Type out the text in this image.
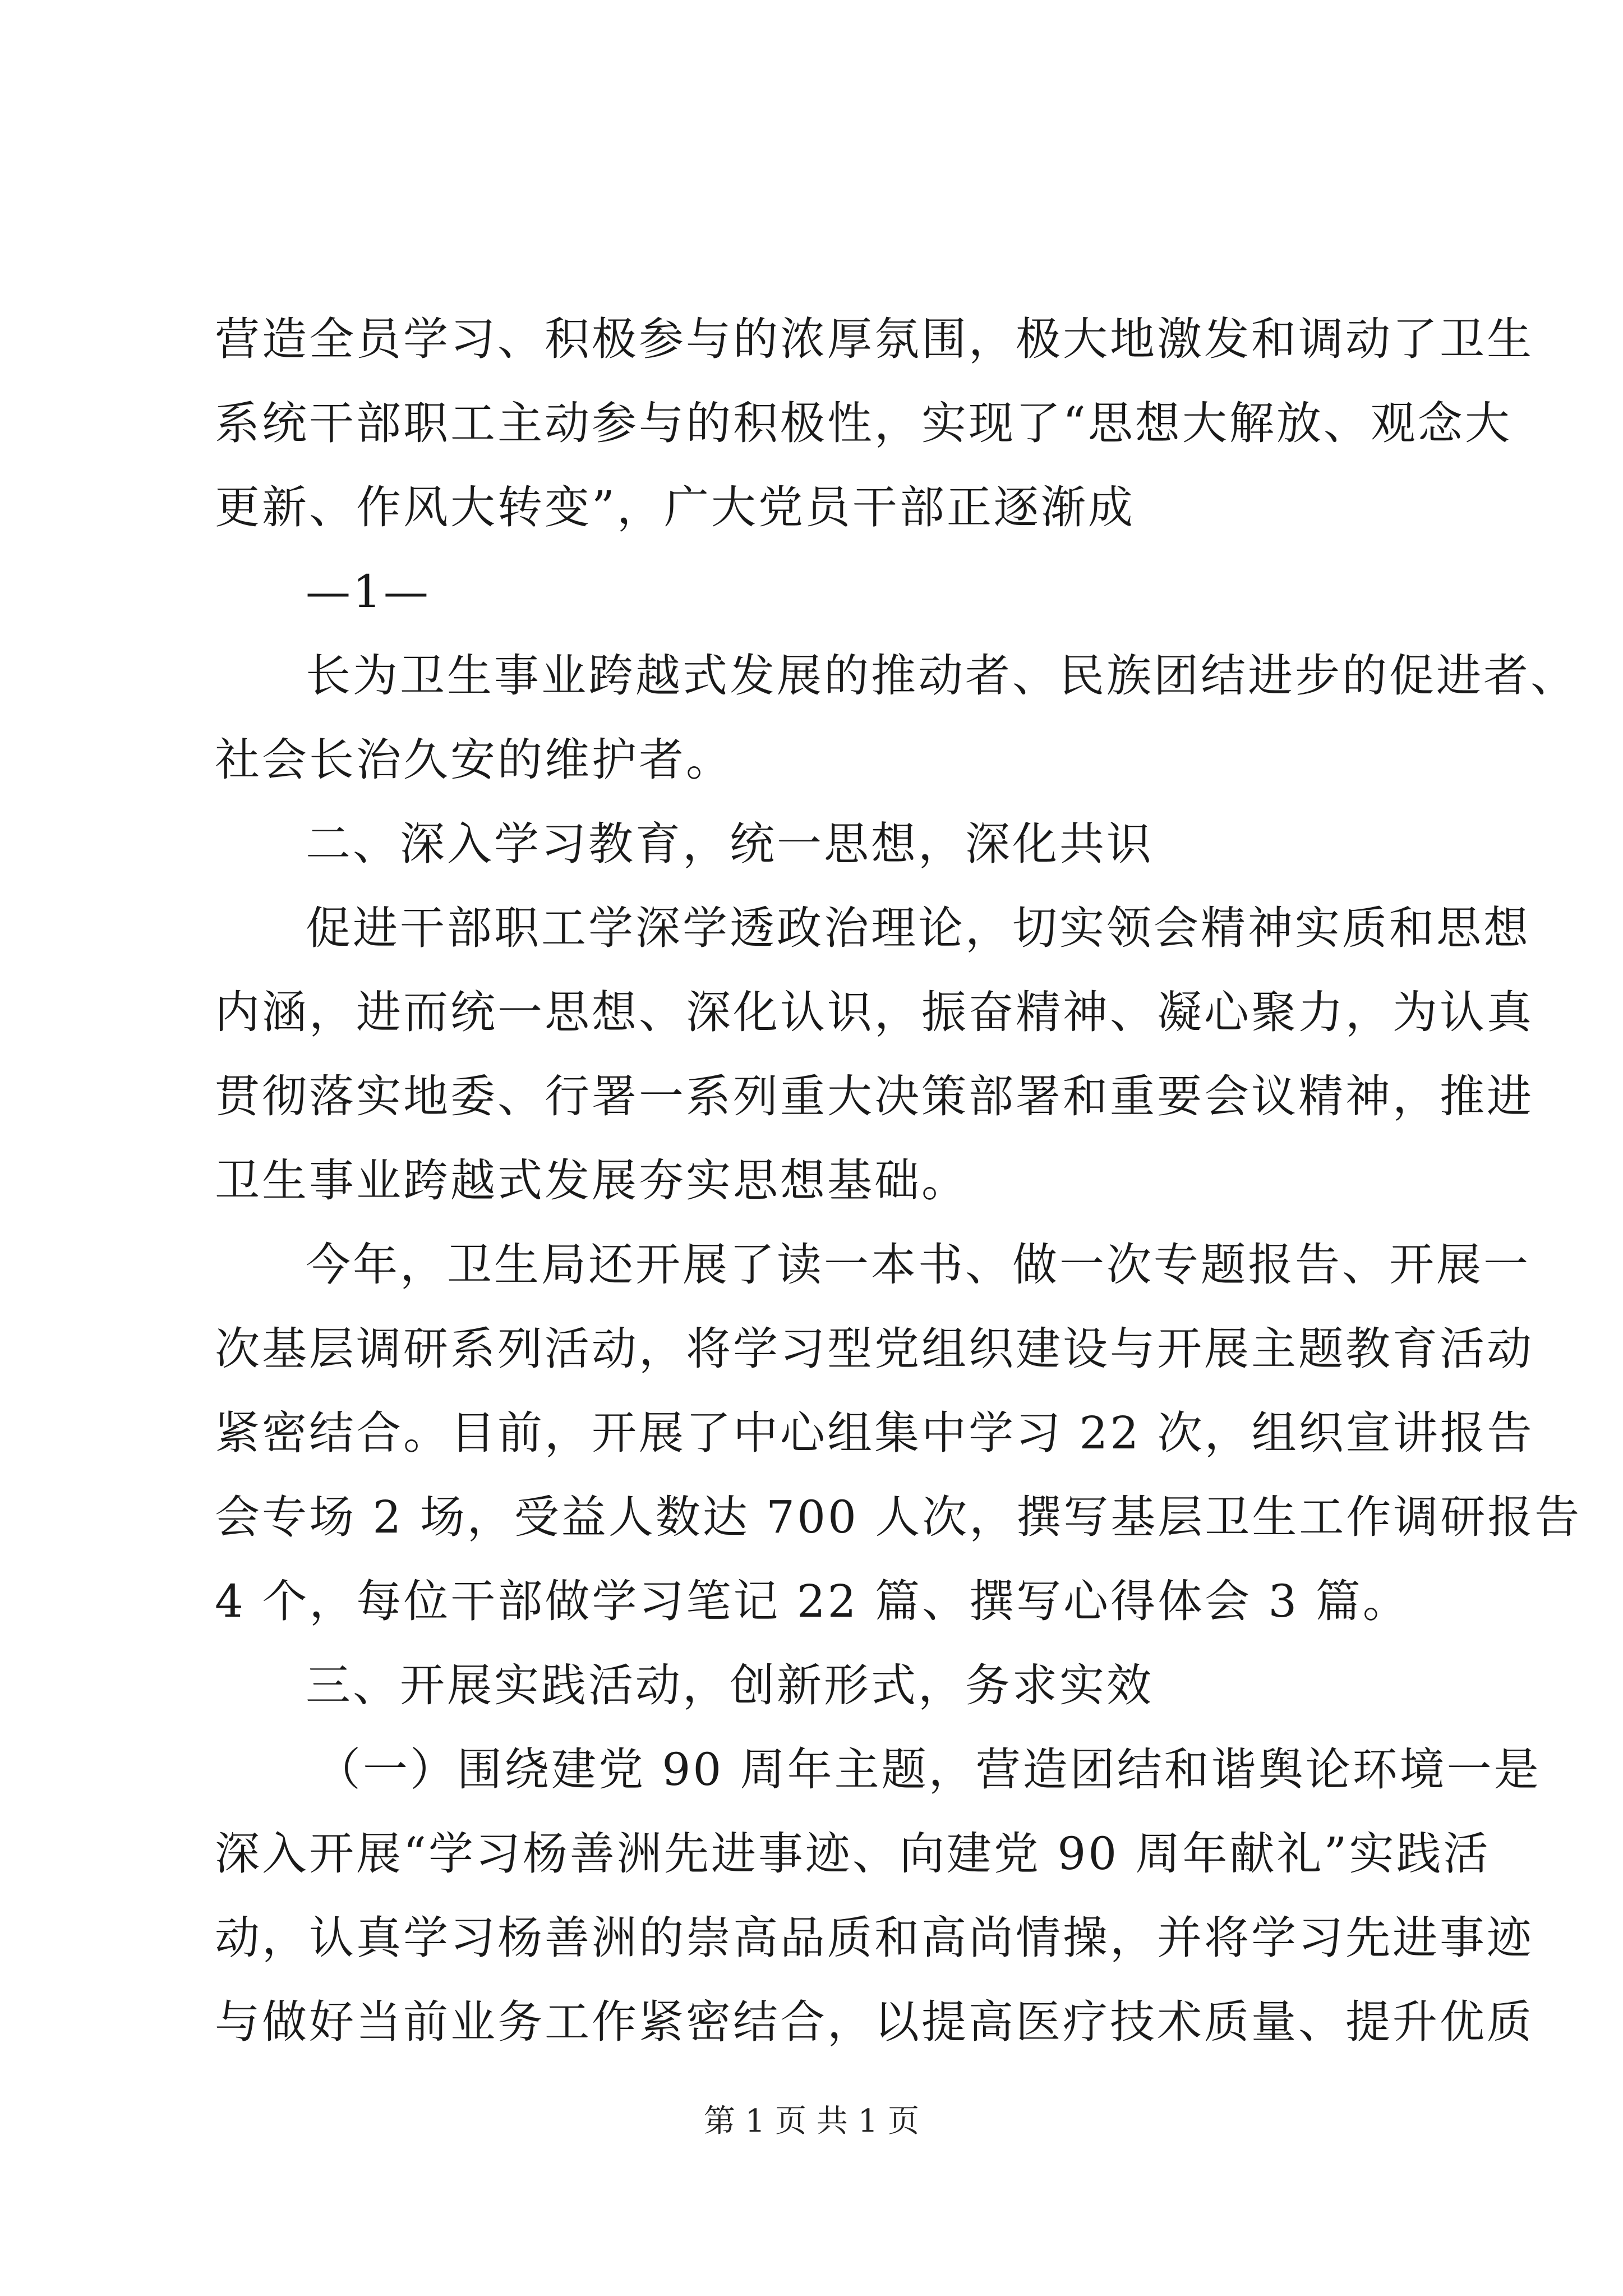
营造全员学习、积极参与的浓厚氛围，极大地激发和调动了卫生
系统干部职工主动参与的积极性，实现了“思想大解放、观念大
更新、作风大转变”，广大党员干部正逐渐成
—1—
长为卫生事业跨越式发展的推动者、民族团结进步的促进者、
社会长治久安的维护者。
二、深入学习教育，统一思想，深化共识
促进干部职工学深学透政治理论，切实领会精神实质和思想
内涵，进而统一思想、深化认识，振奋精神、凝心聚力，为认真
贯彻落实地委、行署一系列重大决策部署和重要会议精神，推进
卫生事业跨越式发展夯实思想基础。
今年，卫生局还开展了读一本书、做一次专题报告、开展一
次基层调研系列活动，将学习型党组织建设与开展主题教育活动
紧密结合。目前，开展了中心组集中学习 22 次，组织宣讲报告
会专场 2 场，受益人数达 700 人次，撰写基层卫生工作调研报告
4 个，每位干部做学习笔记 22 篇、撰写心得体会 3 篇。
三、开展实践活动，创新形式，务求实效
（一）围绕建党 90 周年主题，营造团结和谐舆论环境一是
深入开展“学习杨善洲先进事迹、向建党 90 周年献礼”实践活
动，认真学习杨善洲的崇高品质和高尚情操，并将学习先进事迹
与做好当前业务工作紧密结合，以提高医疗技术质量、提升优质
第 1 页 共 1 页
